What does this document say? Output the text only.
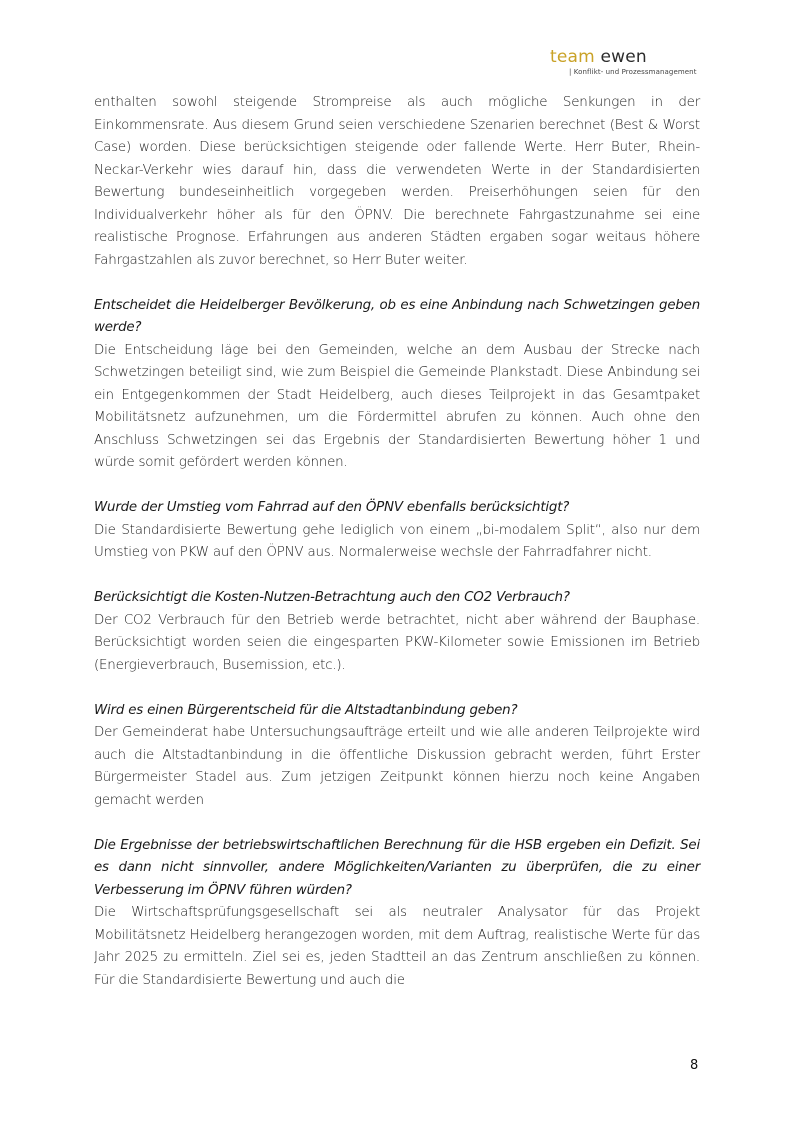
team ewen
| Konflikt- und Prozessmanagement

enthalten sowohl steigende Strompreise als auch mögliche Senkungen in der Einkommensrate. Aus diesem Grund seien verschiedene Szenarien berechnet (Best & Worst Case) worden. Diese berücksichtigen steigende oder fallende Werte. Herr Buter, Rhein-Neckar-Verkehr wies darauf hin, dass die verwendeten Werte in der Standardisierten Bewertung bundeseinheitlich vorgegeben werden. Preiserhöhungen seien für den Individualverkehr höher als für den ÖPNV. Die berechnete Fahrgastzunahme sei eine realistische Prognose. Erfahrungen aus anderen Städten ergaben sogar weitaus höhere Fahrgastzahlen als zuvor berechnet, so Herr Buter weiter.

Entscheidet die Heidelberger Bevölkerung, ob es eine Anbindung nach Schwetzingen geben werde?

Die Entscheidung läge bei den Gemeinden, welche an dem Ausbau der Strecke nach Schwetzingen beteiligt sind, wie zum Beispiel die Gemeinde Plankstadt. Diese Anbindung sei ein Entgegenkommen der Stadt Heidelberg, auch dieses Teilprojekt in das Gesamtpaket Mobilitätsnetz aufzunehmen, um die Fördermittel abrufen zu können. Auch ohne den Anschluss Schwetzingen sei das Ergebnis der Standardisierten Bewertung höher 1 und würde somit gefördert werden können.

Wurde der Umstieg vom Fahrrad auf den ÖPNV ebenfalls berücksichtigt?

Die Standardisierte Bewertung gehe lediglich von einem „bi-modalem Split“, also nur dem Umstieg von PKW auf den ÖPNV aus. Normalerweise wechsle der Fahrradfahrer nicht.

Berücksichtigt die Kosten-Nutzen-Betrachtung auch den CO2 Verbrauch?

Der CO2 Verbrauch für den Betrieb werde betrachtet, nicht aber während der Bauphase. Berücksichtigt worden seien die eingesparten PKW-Kilometer sowie Emissionen im Betrieb (Energieverbrauch, Busemission, etc.).

Wird es einen Bürgerentscheid für die Altstadtanbindung geben?

Der Gemeinderat habe Untersuchungsaufträge erteilt und wie alle anderen Teilprojekte wird auch die Altstadtanbindung in die öffentliche Diskussion gebracht werden, führt Erster Bürgermeister Stadel aus. Zum jetzigen Zeitpunkt können hierzu noch keine Angaben gemacht werden

Die Ergebnisse der betriebswirtschaftlichen Berechnung für die HSB ergeben ein Defizit. Sei es dann nicht sinnvoller, andere Möglichkeiten/Varianten zu überprüfen, die zu einer Verbesserung im ÖPNV führen würden?

Die Wirtschaftsprüfungsgesellschaft sei als neutraler Analysator für das Projekt Mobilitätsnetz Heidelberg herangezogen worden, mit dem Auftrag, realistische Werte für das Jahr 2025 zu ermitteln. Ziel sei es, jeden Stadtteil an das Zentrum anschließen zu können. Für die Standardisierte Bewertung und auch die

8
